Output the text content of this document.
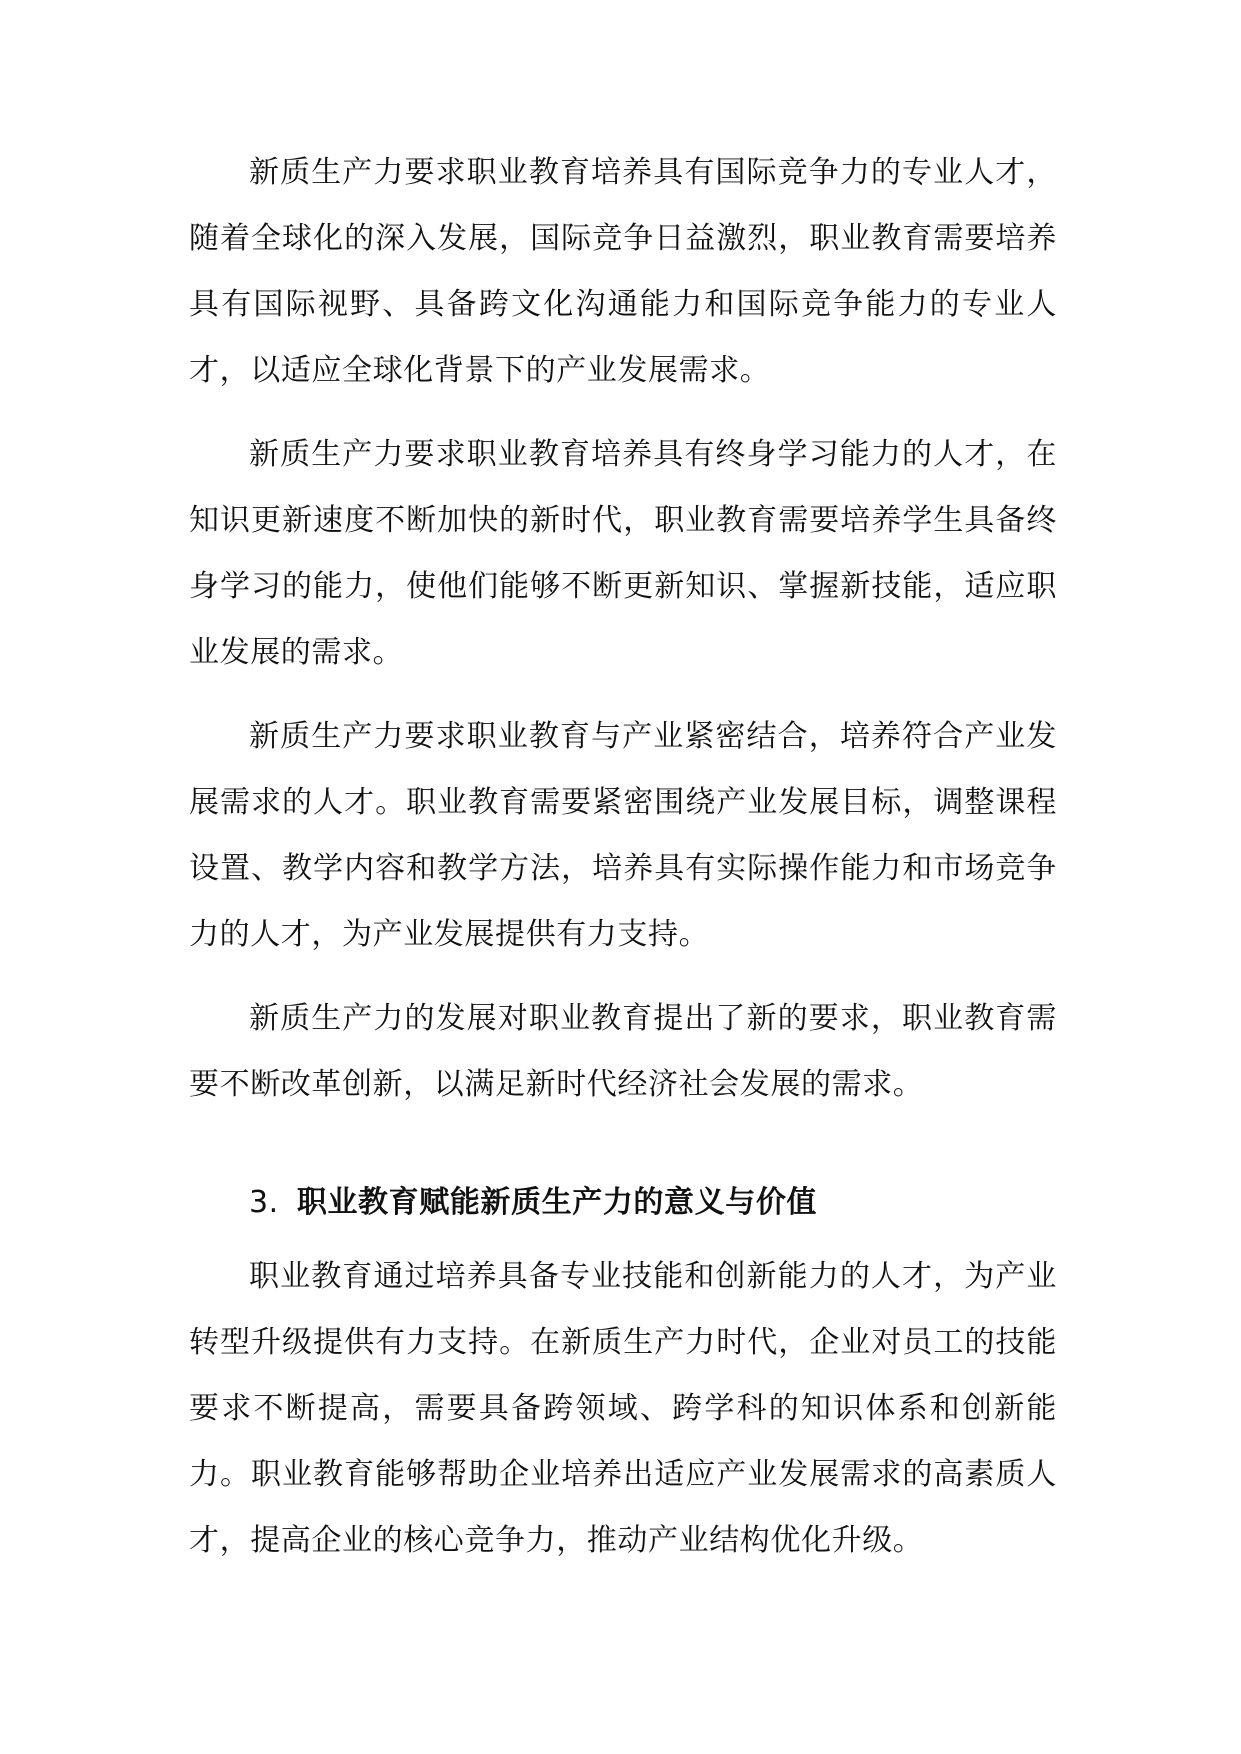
新质生产力要求职业教育培养具有国际竞争力的专业人才，随着全球化的深入发展，国际竞争日益激烈，职业教育需要培养具有国际视野、具备跨文化沟通能力和国际竞争能力的专业人才，以适应全球化背景下的产业发展需求。

新质生产力要求职业教育培养具有终身学习能力的人才，在知识更新速度不断加快的新时代，职业教育需要培养学生具备终身学习的能力，使他们能够不断更新知识、掌握新技能，适应职业发展的需求。

新质生产力要求职业教育与产业紧密结合，培养符合产业发展需求的人才。职业教育需要紧密围绕产业发展目标，调整课程设置、教学内容和教学方法，培养具有实际操作能力和市场竞争力的人才，为产业发展提供有力支持。

新质生产力的发展对职业教育提出了新的要求，职业教育需要不断改革创新，以满足新时代经济社会发展的需求。

3. 职业教育赋能新质生产力的意义与价值

职业教育通过培养具备专业技能和创新能力的人才，为产业转型升级提供有力支持。在新质生产力时代，企业对员工的技能要求不断提高，需要具备跨领域、跨学科的知识体系和创新能力。职业教育能够帮助企业培养出适应产业发展需求的高素质人才，提高企业的核心竞争力，推动产业结构优化升级。
